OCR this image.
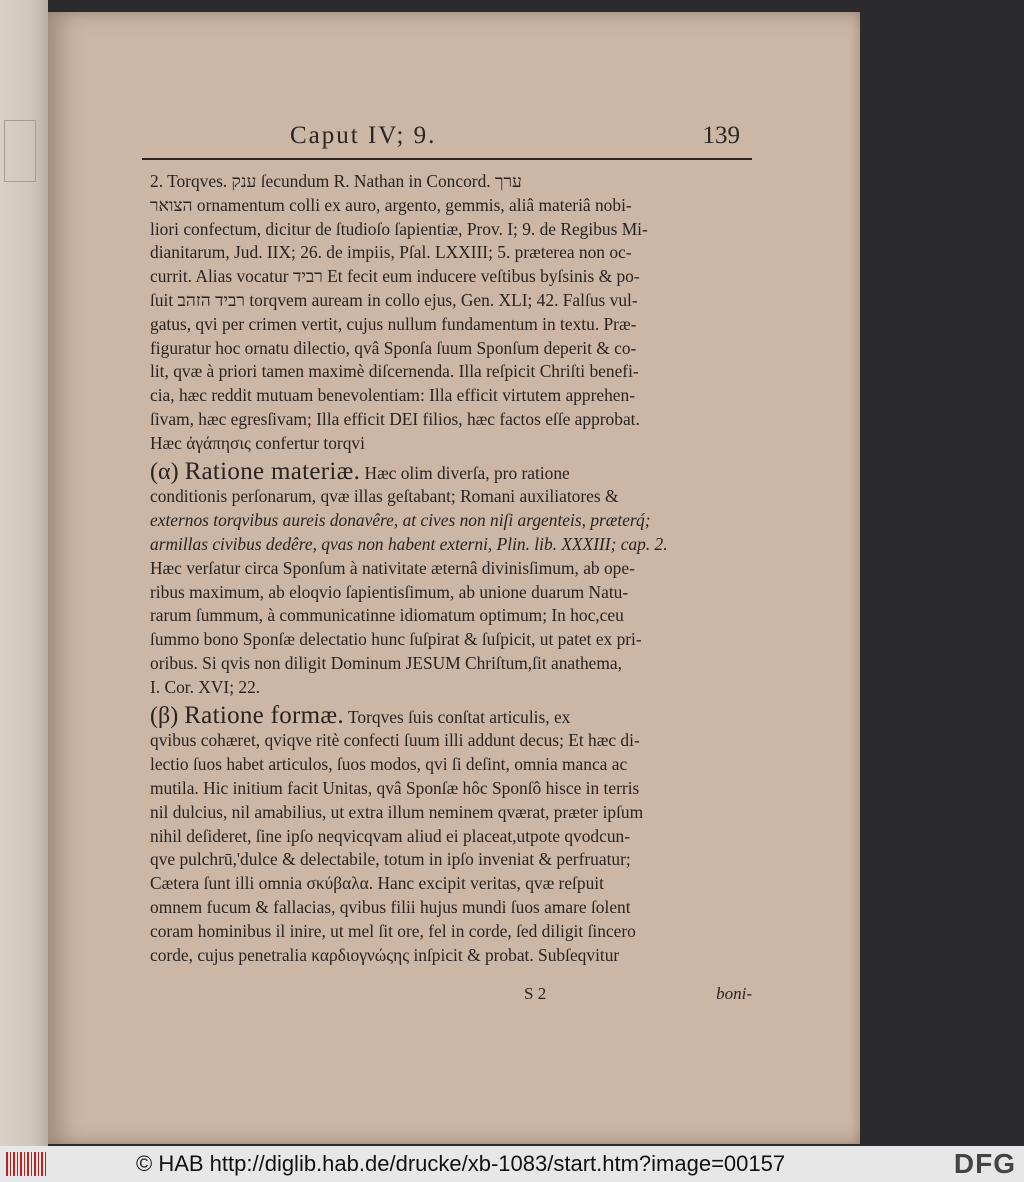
Caput IV; 9.	139

2. Torqves. ענק ſecundum R. Nathan in Concord. ערך

הצואר ornamentum colli ex auro, argento, gemmis, aliâ materiâ nobi-

liori confectum, dicitur de ſtudioſo ſapientiæ, Prov. I; 9. de Regibus Mi-

dianitarum, Jud. IIX; 26. de impiis, Pſal. LXXIII; 5. præterea non oc-

currit. Alias vocatur רביד Et fecit eum inducere veſtibus byſsinis & po-

ſuit רביד הזהב torqvem auream in collo ejus, Gen. XLI; 42. Falſus vul-

gatus, qvi per crimen vertit, cujus nullum fundamentum in textu. Præ-

figuratur hoc ornatu dilectio, qvâ Sponſa ſuum Sponſum deperit & co-

lit, qvæ à priori tamen maximè diſcernenda. Illa reſpicit Chriſti benefi-

cia, hæc reddit mutuam benevolentiam: Illa efficit virtutem apprehen-

ſivam, hæc egresſivam; Illa efficit DEI filios, hæc factos eſſe approbat.

Hæc ἀγάπησις confertur torqvi

(α) Ratione materiæ. Hæc olim diverſa, pro ratione

conditionis perſonarum, qvæ illas geſtabant; Romani auxiliatores &

externos torqvibus aureis donavêre, at cives non niſi argenteis, præterq́;

armillas civibus dedêre, qvas non habent externi, Plin. lib. XXXIII; cap. 2.

Hæc verſatur circa Sponſum à nativitate æternâ divinisſimum, ab ope-

ribus maximum, ab eloqvio ſapientisſimum, ab unione duarum Natu-

rarum ſummum, à communicatinne idiomatum optimum; In hoc,ceu

ſummo bono Sponſæ delectatio hunc ſuſpirat & ſuſpicit, ut patet ex pri-

oribus. Si qvis non diligit Dominum JESUM Chriſtum,ſit anathema,

I. Cor. XVI; 22.

(β) Ratione formæ. Torqves ſuis conſtat articulis, ex

qvibus cohæret, qviqve ritè confecti ſuum illi addunt decus; Et hæc di-

lectio ſuos habet articulos, ſuos modos, qvi ſi deſint, omnia manca ac

mutila. Hic initium facit Unitas, qvâ Sponſæ hôc Sponſô hisce in terris

nil dulcius, nil amabilius, ut extra illum neminem qværat, præter ipſum

nihil deſideret, ſine ipſo neqvicqvam aliud ei placeat,utpote qvodcun-

qve pulchrū,'dulce & delectabile, totum in ipſo inveniat & perfruatur;

Cætera ſunt illi omnia σκύβαλα. Hanc excipit veritas, qvæ reſpuit

omnem fucum & fallacias, qvibus filii hujus mundi ſuos amare ſolent

coram hominibus il inire, ut mel ſit ore, fel in corde, ſed diligit ſincero

corde, cujus penetralia καρδιογνώςης inſpicit & probat. Subſeqvitur

S 2	boni-
© HAB http://diglib.hab.de/drucke/xb-1083/start.htm?image=00157	DFG
